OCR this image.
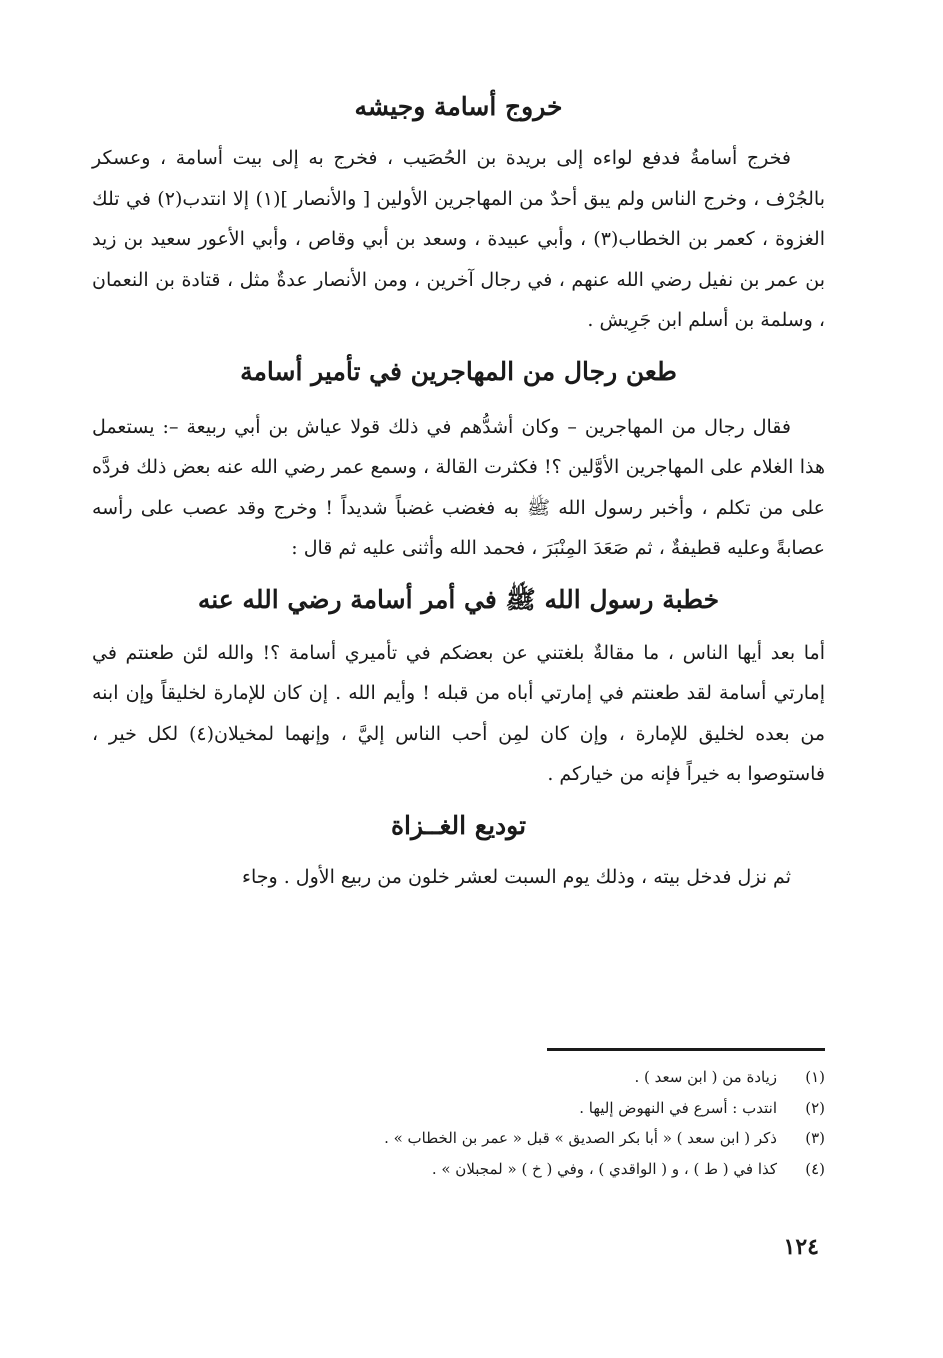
خروج أسامة وجيشه

فخرج أسامةُ فدفع لواءه إلى بريدة بن الحُصَيب ، فخرج به إلى بيت أسامة ، وعسكر بالجُرْف ، وخرج الناس ولم يبق أحدٌ من المهاجرين الأولين [ والأنصار ](١) إلا انتدب(٢) في تلك الغزوة ، كعمر بن الخطاب(٣) ، وأبي عبيدة ، وسعد بن أبي وقاص ، وأبي الأعور سعيد بن زيد بن عمر بن نفيل رضي الله عنهم ، في رجال آخرين ، ومن الأنصار عدةٌ مثل ، قتادة بن النعمان ، وسلمة بن أسلم ابن جَرِيش .

طعن رجال من المهاجرين في تأمير أسامة

فقال رجال من المهاجرين – وكان أشدُّهم في ذلك قولا عياش بن أبي ربيعة –: يستعمل هذا الغلام على المهاجرين الأوَّلين ؟! فكثرت القالة ، وسمع عمر رضي الله عنه بعض ذلك فردَّه على من تكلم ، وأخبر رسول الله ﷺ به فغضب غضباً شديداً ! وخرج وقد عصب على رأسه عصابةً وعليه قطيفةٌ ، ثم صَعَدَ المِنْبَرَ ، فحمد الله وأثنى عليه ثم قال :

خطبة رسول الله ﷺ في أمر أسامة رضي الله عنه

أما بعد أيها الناس ، ما مقالةٌ بلغتني عن بعضكم في تأميري أسامة ؟! والله لئن طعنتم في إمارتي أسامة لقد طعنتم في إمارتي أباه من قبله ! وأيم الله . إن كان للإمارة لخليقاً وإن ابنه من بعده لخليق للإمارة ، وإن كان لمِن أحب الناس إليَّ ، وإنهما لمخيلان(٤) لكل خير ، فاستوصوا به خيراً فإنه من خياركم .

توديع الغــزاة

ثم نزل فدخل بيته ، وذلك يوم السبت لعشر خلون من ربيع الأول . وجاء

(١)
زيادة من ( ابن سعد ) .
(٢)
انتدب : أسرع في النهوض إليها .
(٣)
ذكر ( ابن سعد ) « أبا بكر الصديق » قبل « عمر بن الخطاب » .
(٤)
كذا في ( ط ) ، و ( الواقدي ) ، وفي ( خ ) « لمجبلان » .
١٢٤
